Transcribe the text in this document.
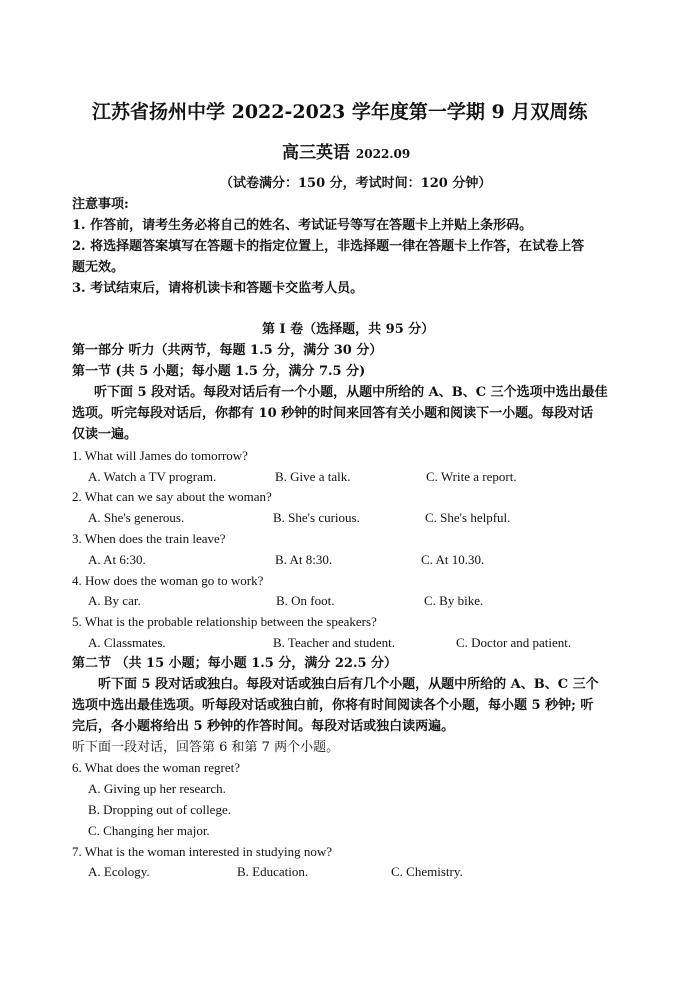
江苏省扬州中学 2022-2023 学年度第一学期 9 月双周练
高三英语 2022.09
（试卷满分：150 分，考试时间：120 分钟）
注意事项:
1. 作答前，请考生务必将自己的姓名、考试证号等写在答题卡上并贴上条形码。
2. 将选择题答案填写在答题卡的指定位置上，非选择题一律在答题卡上作答，在试卷上答
题无效。
3. 考试结束后，请将机读卡和答题卡交监考人员。
第 I 卷（选择题，共 95 分）
第一部分 听力（共两节，每题 1.5 分，满分 30 分）
第一节 (共 5 小题；每小题 1.5 分，满分 7.5 分)
听下面 5 段对话。每段对话后有一个小题，从题中所给的 A、B、C 三个选项中选出最佳
选项。听完每段对话后，你都有 10 秒钟的时间来回答有关小题和阅读下一小题。每段对话
仅读一遍。
1. What will James do tomorrow?
A. Watch a TV program.	B. Give a talk.	C. Write a report.
2. What can we say about the woman?
A. She's generous.	B. She's curious.	C. She's helpful.
3. When does the train leave?
A. At 6:30.	B. At 8:30.	C. At 10.30.
4. How does the woman go to work?
A. By car.	B. On foot.	C. By bike.
5. What is the probable relationship between the speakers?
A. Classmates.	B. Teacher and student.	C. Doctor and patient.
第二节 （共 15 小题；每小题 1.5 分，满分 22.5 分）
听下面 5 段对话或独白。每段对话或独白后有几个小题，从题中所给的 A、B、C 三个
选项中选出最佳选项。听每段对话或独白前，你将有时间阅读各个小题，每小题 5 秒钟; 听
完后，各小题将给出 5 秒钟的作答时间。每段对话或独白读两遍。
听下面一段对话，回答第 6 和第 7 两个小题。
6. What does the woman regret?
A. Giving up her research.
B. Dropping out of college.
C. Changing her major.
7. What is the woman interested in studying now?
A. Ecology.	B. Education.	C. Chemistry.
